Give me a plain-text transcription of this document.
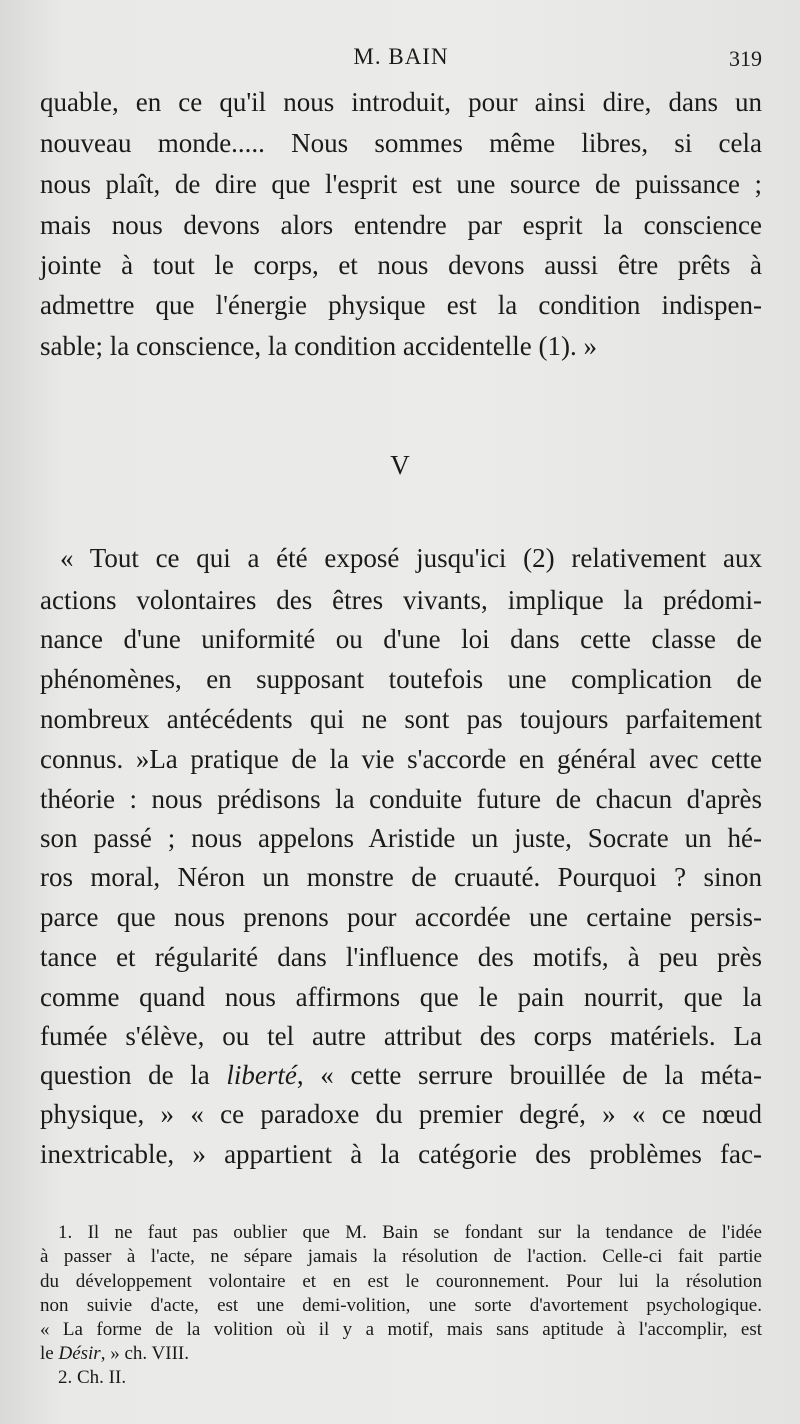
M. BAIN	319
quable, en ce qu'il nous introduit, pour ainsi dire, dans un
nouveau monde..... Nous sommes même libres, si cela
nous plaît, de dire que l'esprit est une source de puissance ;
mais nous devons alors entendre par esprit la conscience
jointe à tout le corps, et nous devons aussi être prêts à
admettre que l'énergie physique est la condition indispen-
sable; la conscience, la condition accidentelle (1). »
V
« Tout ce qui a été exposé jusqu'ici (2) relativement aux
actions volontaires des êtres vivants, implique la prédomi-
nance d'une uniformité ou d'une loi dans cette classe de
phénomènes, en supposant toutefois une complication de
nombreux antécédents qui ne sont pas toujours parfaitement
connus. »La pratique de la vie s'accorde en général avec cette
théorie : nous prédisons la conduite future de chacun d'après
son passé ; nous appelons Aristide un juste, Socrate un hé-
ros moral, Néron un monstre de cruauté. Pourquoi ? sinon
parce que nous prenons pour accordée une certaine persis-
tance et régularité dans l'influence des motifs, à peu près
comme quand nous affirmons que le pain nourrit, que la
fumée s'élève, ou tel autre attribut des corps matériels. La
question de la liberté, « cette serrure brouillée de la méta-
physique, » « ce paradoxe du premier degré, » « ce nœud
inextricable, » appartient à la catégorie des problèmes fac-
1. Il ne faut pas oublier que M. Bain se fondant sur la tendance de l'idée
à passer à l'acte, ne sépare jamais la résolution de l'action. Celle-ci fait partie
du développement volontaire et en est le couronnement. Pour lui la résolution
non suivie d'acte, est une demi-volition, une sorte d'avortement psychologique.
« La forme de la volition où il y a motif, mais sans aptitude à l'accomplir, est
le Désir, » ch. VIII.
2. Ch. II.
